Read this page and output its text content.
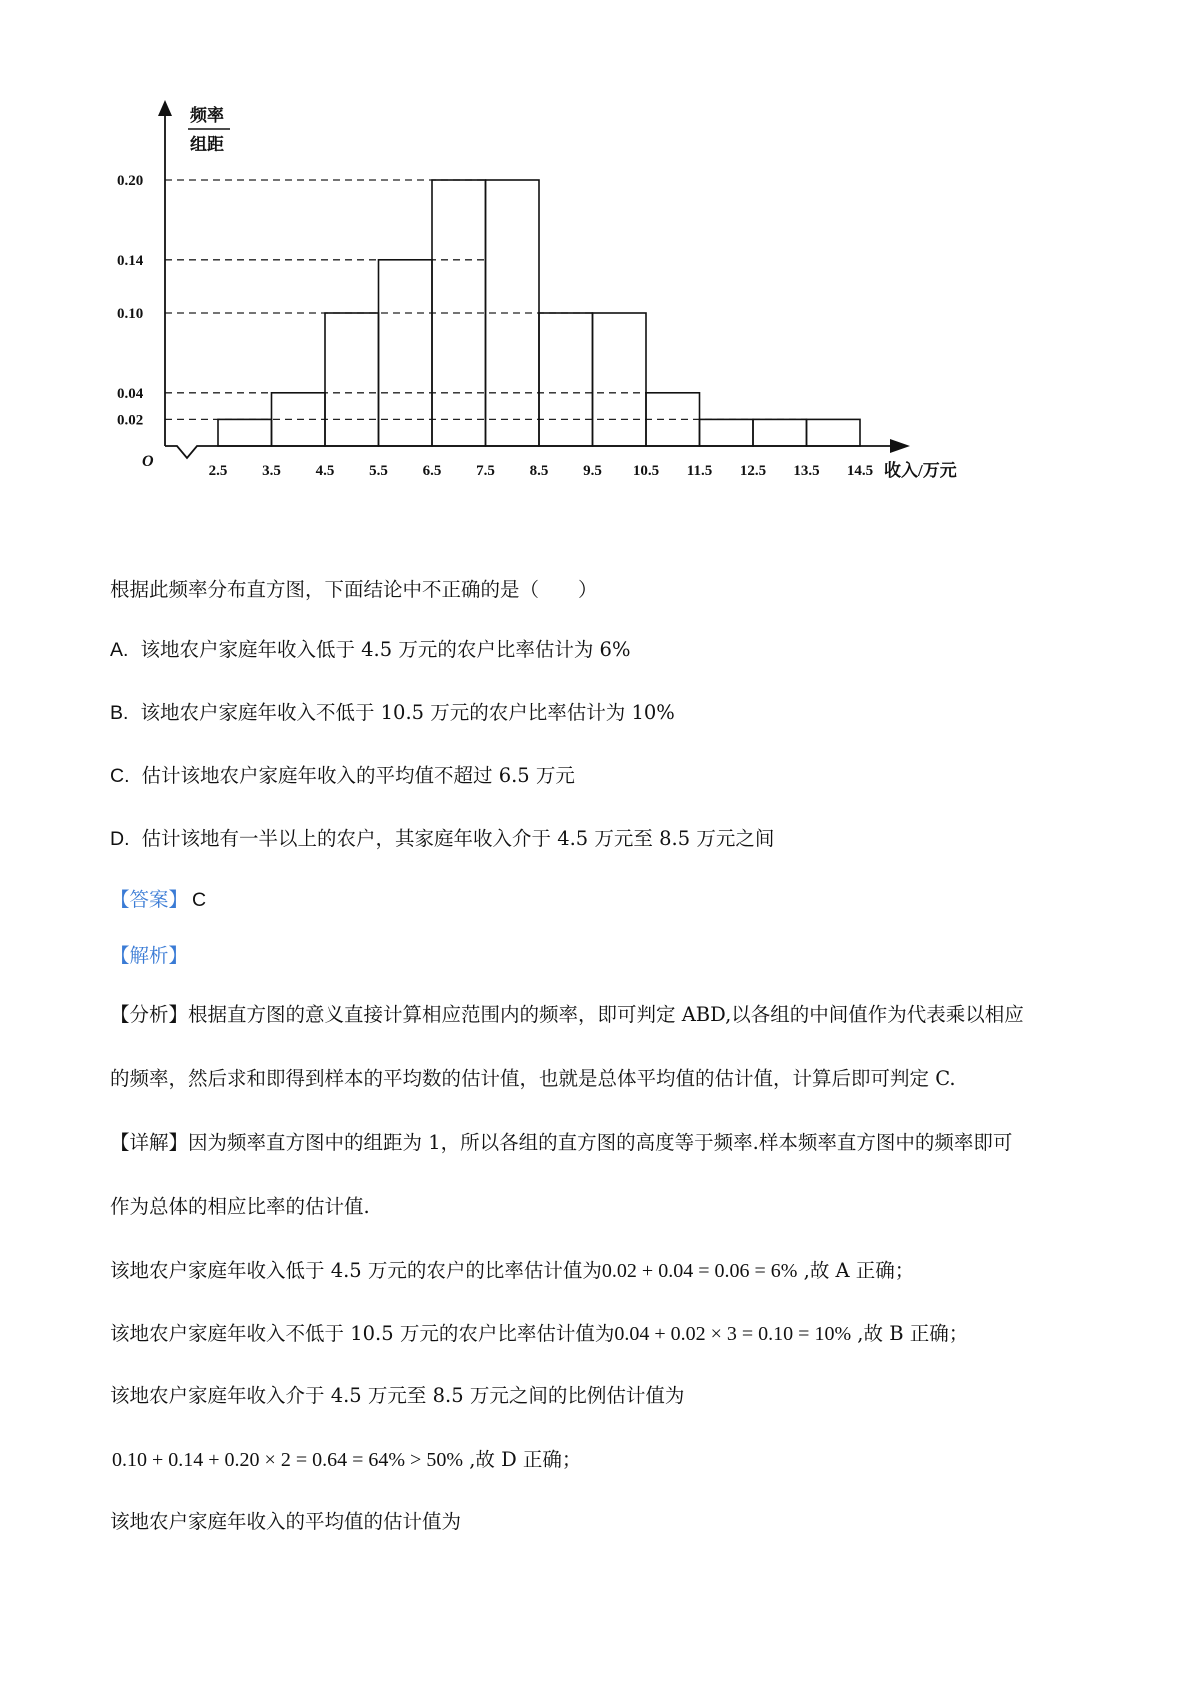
频率
组距
0.02
0.04
0.10
0.14
0.20
2.5 3.5 4.5 5.5 6.5 7.5 8.5 9.5 10.5 11.5 12.5 13.5 14.5
O	收入/万元
根据此频率分布直方图，下面结论中不正确的是（　　）
A. 该地农户家庭年收入低于 4.5 万元的农户比率估计为 6%
B. 该地农户家庭年收入不低于 10.5 万元的农户比率估计为 10%
C. 估计该地农户家庭年收入的平均值不超过 6.5 万元
D. 估计该地有一半以上的农户，其家庭年收入介于 4.5 万元至 8.5 万元之间
【答案】 C
【解析】
【分析】根据直方图的意义直接计算相应范围内的频率，即可判定 ABD,以各组的中间值作为代表乘以相应
的频率，然后求和即得到样本的平均数的估计值，也就是总体平均值的估计值，计算后即可判定 C.
【详解】因为频率直方图中的组距为 1，所以各组的直方图的高度等于频率.样本频率直方图中的频率即可
作为总体的相应比率的估计值.
该地农户家庭年收入低于 4.5 万元的农户的比率估计值为0.02 + 0.04 = 0.06 = 6% ,故 A 正确；
该地农户家庭年收入不低于 10.5 万元的农户比率估计值为0.04 + 0.02 × 3 = 0.10 = 10% ,故 B 正确；
该地农户家庭年收入介于 4.5 万元至 8.5 万元之间的比例估计值为
0.10 + 0.14 + 0.20 × 2 = 0.64 = 64% > 50% ,故 D 正确；
该地农户家庭年收入的平均值的估计值为
